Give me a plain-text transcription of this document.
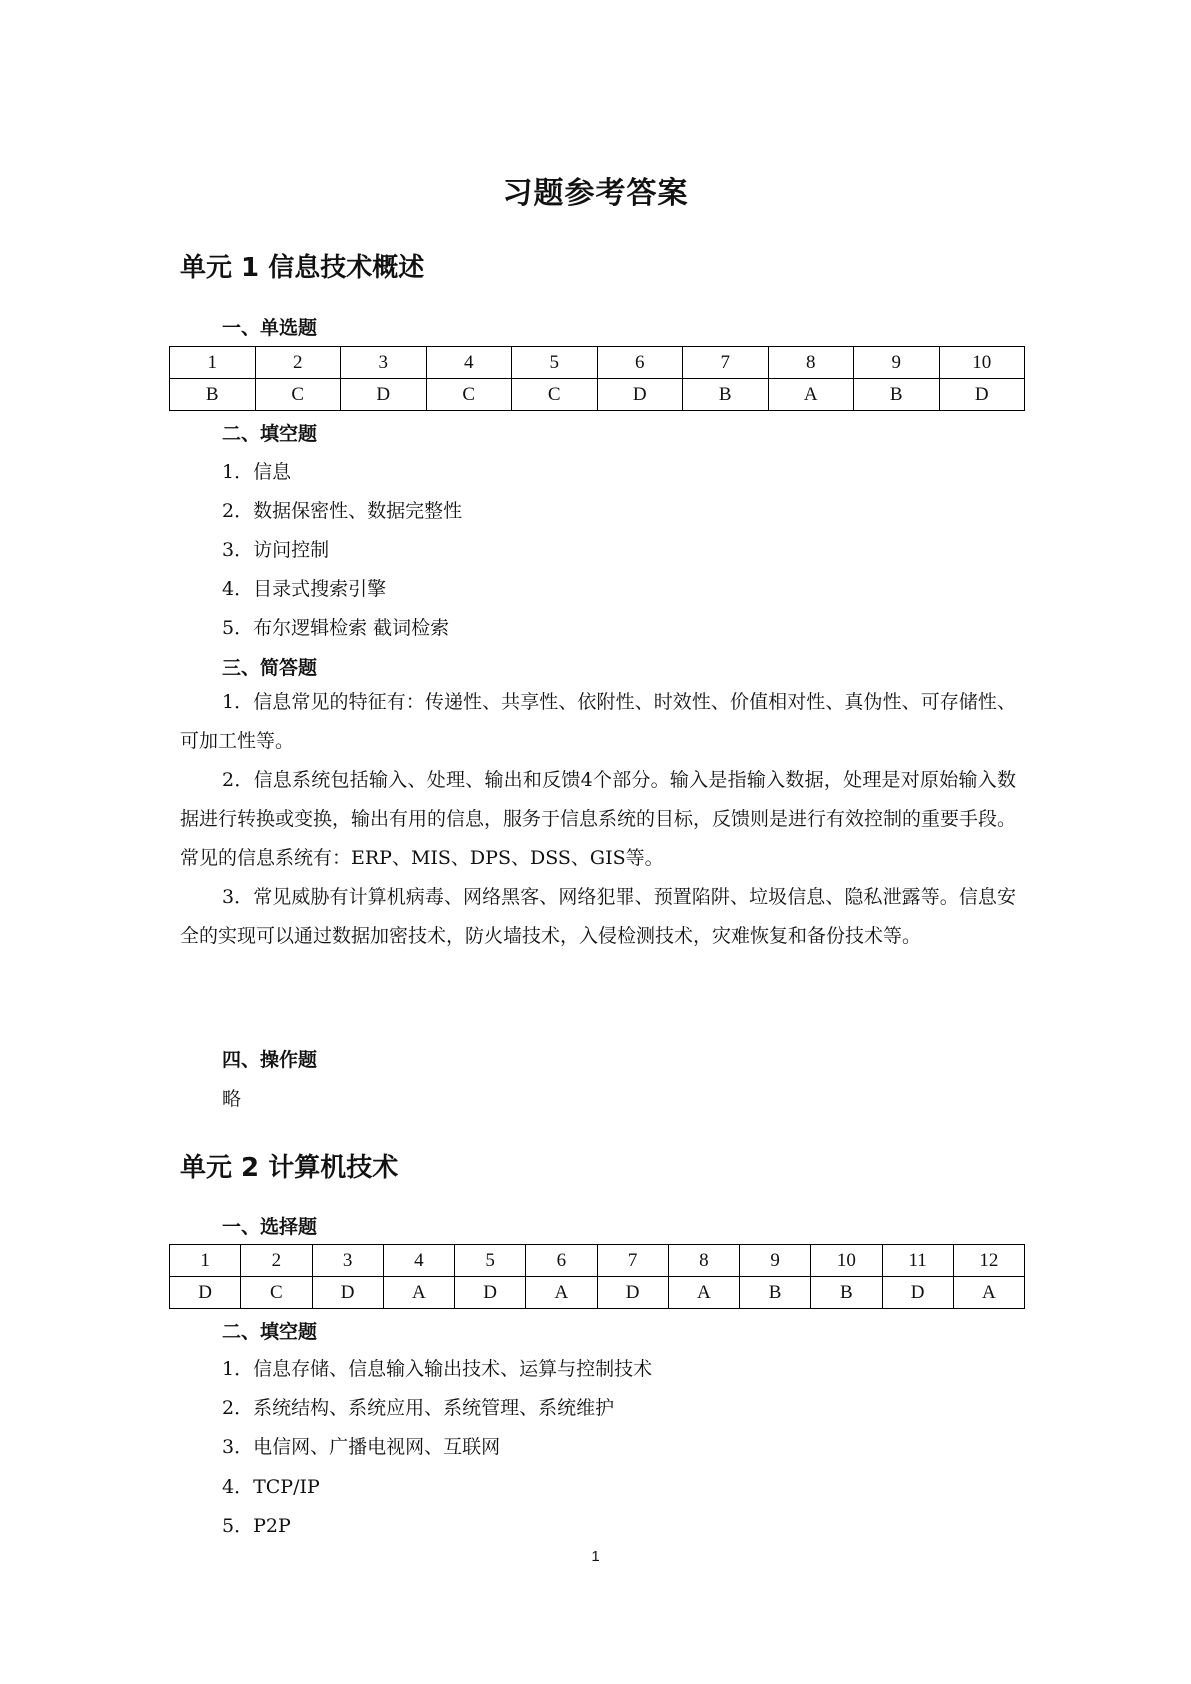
习题参考答案
单元 1 信息技术概述
一、单选题
1	2	3	4	5	6	7	8	9	10
B	C	D	C	C	D	B	A	B	D
二、填空题
1．信息
2．数据保密性、数据完整性
3．访问控制
4．目录式搜索引擎
5．布尔逻辑检索 截词检索
三、简答题

1．信息常见的特征有：传递性、共享性、依附性、时效性、价值相对性、真伪性、可存储性、可加工性等。

2．信息系统包括输入、处理、输出和反馈4个部分。输入是指输入数据，处理是对原始输入数据进行转换或变换，输出有用的信息，服务于信息系统的目标，反馈则是进行有效控制的重要手段。常见的信息系统有：ERP、MIS、DPS、DSS、GIS等。

3．常见威胁有计算机病毒、网络黑客、网络犯罪、预置陷阱、垃圾信息、隐私泄露等。信息安全的实现可以通过数据加密技术，防火墙技术，入侵检测技术，灾难恢复和备份技术等。

四、操作题
略
单元 2 计算机技术
一、选择题
1	2	3	4	5	6	7	8	9	10	11	12
D	C	D	A	D	A	D	A	B	B	D	A
二、填空题
1．信息存储、信息输入输出技术、运算与控制技术
2．系统结构、系统应用、系统管理、系统维护
3．电信网、广播电视网、互联网
4．TCP/IP
5．P2P
1
